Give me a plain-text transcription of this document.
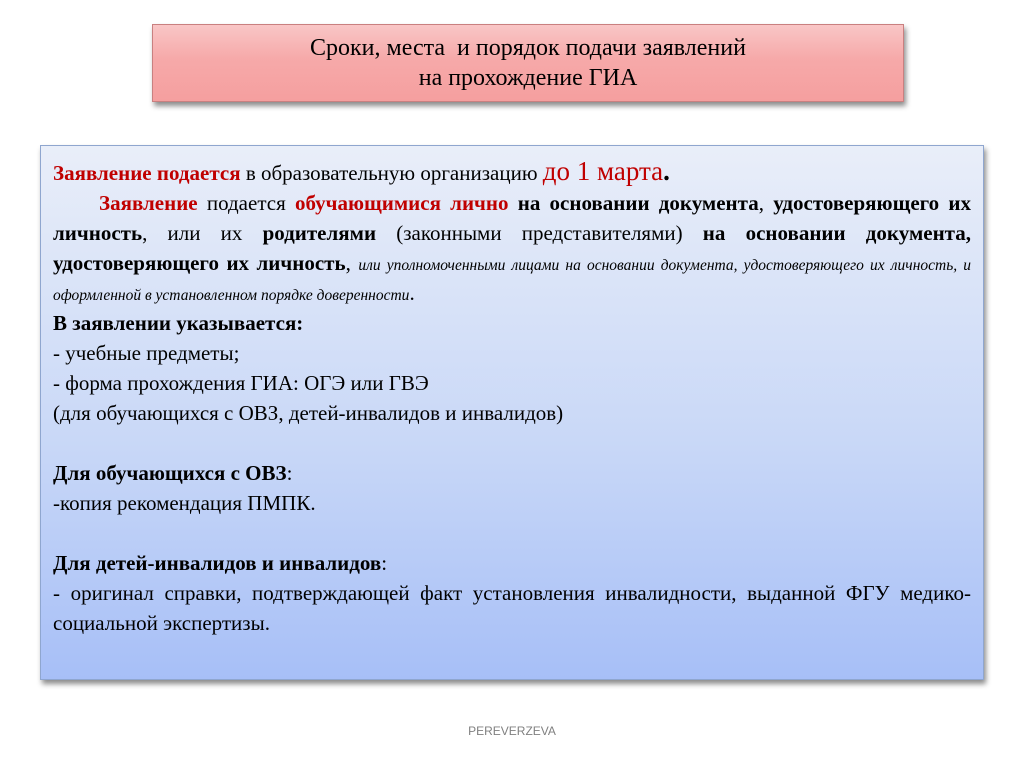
Сроки, места  и порядок подачи заявлений
на прохождение ГИА

Заявление подается в образовательную организацию до 1 марта.

Заявление подается обучающимися лично на основании документа, удостоверяющего их личность, или их родителями (законными представителями) на основании документа, удостоверяющего их личность, или уполномоченными лицами на основании документа, удостоверяющего их личность, и оформленной в установленном порядке доверенности.

В заявлении указывается:

- учебные предметы;

- форма прохождения ГИА: ОГЭ или ГВЭ

(для обучающихся с ОВЗ, детей-инвалидов и инвалидов)

Для обучающихся с ОВЗ:

-копия рекомендация ПМПК.

Для детей-инвалидов и инвалидов:

- оригинал справки, подтверждающей факт установления инвалидности, выданной ФГУ медико-социальной экспертизы.

PEREVERZEVA
